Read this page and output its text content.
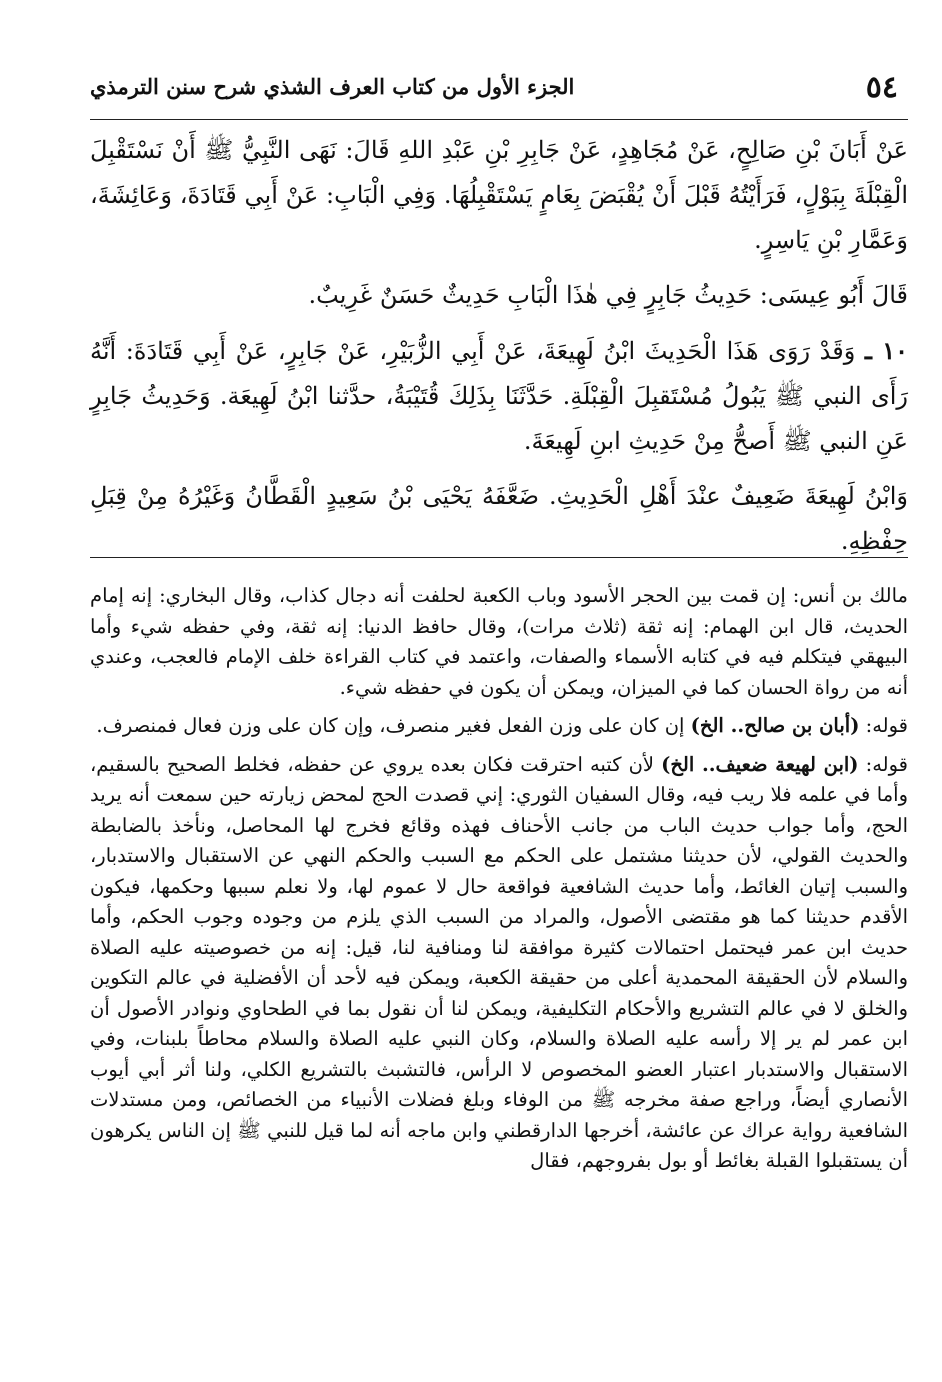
٥٤
الجزء الأول من كتاب العرف الشذي شرح سنن الترمذي

عَنْ أَبَانَ بْنِ صَالِحٍ، عَنْ مُجَاهِدٍ، عَنْ جَابِرِ بْنِ عَبْدِ اللهِ قَالَ: نَهَى النَّبِيُّ ﷺ أَنْ نَسْتَقْبِلَ الْقِبْلَةَ بِبَوْلٍ، فَرَأَيْتُهُ قَبْلَ أَنْ يُقْبَضَ بِعَامٍ يَسْتَقْبِلُهَا. وَفِي الْبَابِ: عَنْ أَبِي قَتَادَةَ، وَعَائِشَةَ، وَعَمَّارِ بْنِ يَاسِرٍ.

قَالَ أَبُو عِيسَى: حَدِيثُ جَابِرٍ فِي هٰذَا الْبَابِ حَدِيثٌ حَسَنٌ غَرِيبٌ.

١٠ ـ وَقَدْ رَوَى هَذَا الْحَدِيثَ ابْنُ لَهِيعَةَ، عَنْ أَبِي الزُّبَيْرِ، عَنْ جَابِرٍ، عَنْ أَبِي قَتَادَةَ: أَنَّهُ رَأَى النبي ﷺ يَبُولُ مُسْتَقبِلَ الْقِبْلَةِ. حَدَّثَنَا بِذَلِكَ قُتَيْبَةُ، حدَّثنا ابْنُ لَهِيعَة. وَحَدِيثُ جَابِرٍ عَنِ النبي ﷺ أَصحُّ مِنْ حَدِيثِ ابنِ لَهِيعَةَ.

وَابْنُ لَهِيعَةَ ضَعِيفٌ عنْدَ أَهْلِ الْحَدِيثِ. ضَعَّفَهُ يَحْيَى بْنُ سَعِيدٍ الْقَطَّانُ وَغَيْرُهُ مِنْ قِبَلِ حِفْظِهِ.

مالك بن أنس: إن قمت بين الحجر الأسود وباب الكعبة لحلفت أنه دجال كذاب، وقال البخاري: إنه إمام الحديث، قال ابن الهمام: إنه ثقة (ثلاث مرات)، وقال حافظ الدنيا: إنه ثقة، وفي حفظه شيء وأما البيهقي فيتكلم فيه في كتابه الأسماء والصفات، واعتمد في كتاب القراءة خلف الإمام فالعجب، وعندي أنه من رواة الحسان كما في الميزان، ويمكن أن يكون في حفظه شيء.

قوله: (أبان بن صالح.. الخ) إن كان على وزن الفعل فغير منصرف، وإن كان على وزن فعال فمنصرف.

قوله: (ابن لهيعة ضعيف.. الخ) لأن كتبه احترقت فكان بعده يروي عن حفظه، فخلط الصحيح بالسقيم، وأما في علمه فلا ريب فيه، وقال السفيان الثوري: إني قصدت الحج لمحض زيارته حين سمعت أنه يريد الحج، وأما جواب حديث الباب من جانب الأحناف فهذه وقائع فخرج لها المحاصل، ونأخذ بالضابطة والحديث القولي، لأن حديثنا مشتمل على الحكم مع السبب والحكم النهي عن الاستقبال والاستدبار، والسبب إتيان الغائط، وأما حديث الشافعية فواقعة حال لا عموم لها، ولا نعلم سببها وحكمها، فيكون الأقدم حديثنا كما هو مقتضى الأصول، والمراد من السبب الذي يلزم من وجوده وجوب الحكم، وأما حديث ابن عمر فيحتمل احتمالات كثيرة موافقة لنا ومنافية لنا، قيل: إنه من خصوصيته عليه الصلاة والسلام لأن الحقيقة المحمدية أعلى من حقيقة الكعبة، ويمكن فيه لأحد أن الأفضلية في عالم التكوين والخلق لا في عالم التشريع والأحكام التكليفية، ويمكن لنا أن نقول بما في الطحاوي ونوادر الأصول أن ابن عمر لم ير إلا رأسه عليه الصلاة والسلام، وكان النبي عليه الصلاة والسلام محاطاً بلبنات، وفي الاستقبال والاستدبار اعتبار العضو المخصوص لا الرأس، فالتشبث بالتشريع الكلي، ولنا أثر أبي أيوب الأنصاري أيضاً، وراجع صفة مخرجه ﷺ من الوفاء وبلغ فضلات الأنبياء من الخصائص، ومن مستدلات الشافعية رواية عراك عن عائشة، أخرجها الدارقطني وابن ماجه أنه لما قيل للنبي ﷺ إن الناس يكرهون أن يستقبلوا القبلة بغائط أو بول بفروجهم، فقال
